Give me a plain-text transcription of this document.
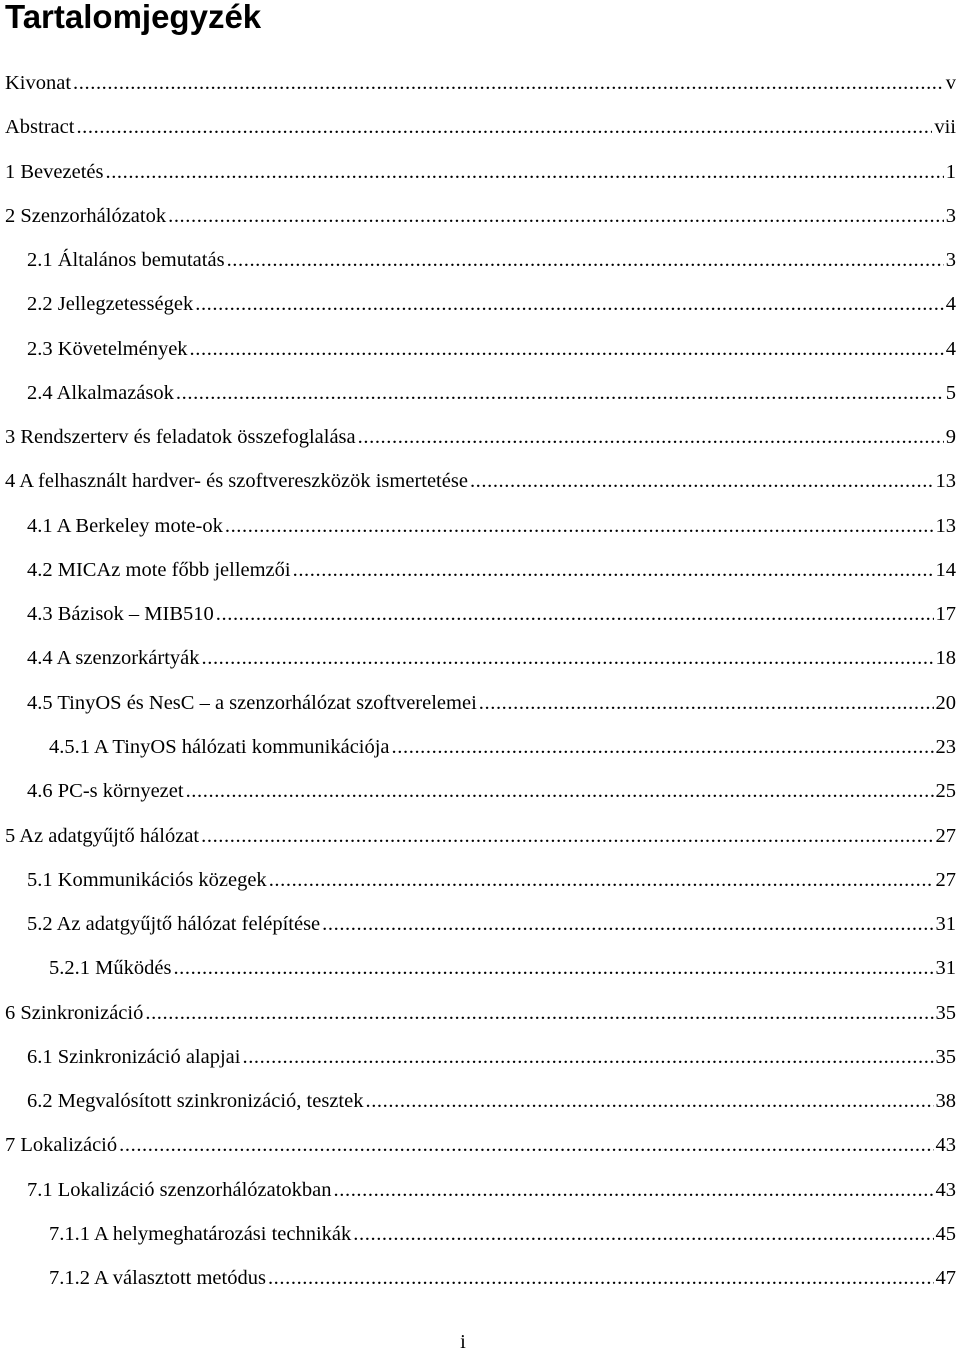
Tartalomjegyzék
Kivonat .....	v
Abstract .....	vii
1 Bevezetés .....	1
2 Szenzorhálózatok .....	3
2.1 Általános bemutatás .....	3
2.2 Jellegzetességek .....	4
2.3 Követelmények .....	4
2.4 Alkalmazások .....	5
3 Rendszerterv és feladatok összefoglalása .....	9
4 A felhasznált hardver- és szoftvereszközök ismertetése .....	13
4.1 A Berkeley mote-ok .....	13
4.2 MICAz mote főbb jellemzői .....	14
4.3 Bázisok – MIB510 .....	17
4.4 A szenzorkártyák .....	18
4.5 TinyOS és NesC – a szenzorhálózat szoftverelemei .....	20
4.5.1 A TinyOS hálózati kommunikációja .....	23
4.6 PC-s környezet .....	25
5 Az adatgyűjtő hálózat .....	27
5.1 Kommunikációs közegek .....	27
5.2 Az adatgyűjtő hálózat felépítése .....	31
5.2.1 Működés .....	31
6 Szinkronizáció .....	35
6.1 Szinkronizáció alapjai .....	35
6.2 Megvalósított szinkronizáció, tesztek .....	38
7 Lokalizáció .....	43
7.1 Lokalizáció szenzorhálózatokban .....	43
7.1.1 A helymeghatározási technikák .....	45
7.1.2 A választott metódus .....	47
i
